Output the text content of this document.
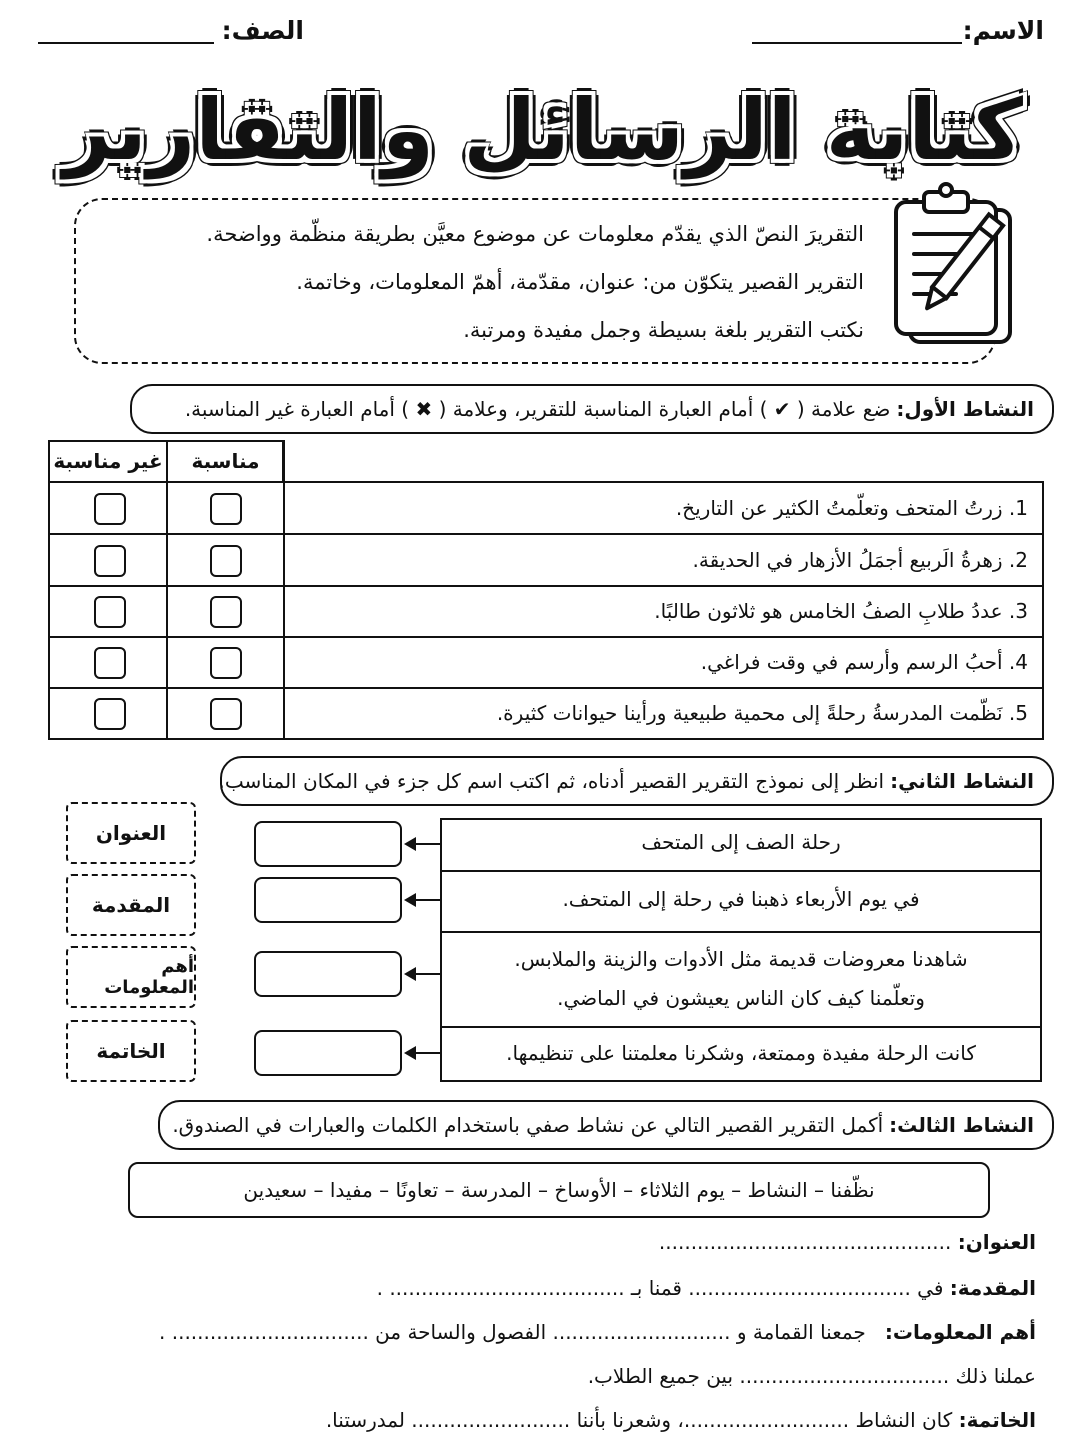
الاسم:
الصف:
كتابة الرسائل والتقارير
التقريرَ النصّ الذي يقدّم معلومات عن موضوع معيَّن بطريقة منظّمة وواضحة.
التقرير القصير يتكوّن من: عنوان، مقدّمة، أهمّ المعلومات، وخاتمة.
نكتب التقرير بلغة بسيطة وجمل مفيدة ومرتبة.
النشاط الأول:
ضع علامة ( ✔ ) أمام العبارة المناسبة للتقرير، وعلامة ( ✖ ) أمام العبارة غير المناسبة.
غير مناسبة	مناسبة
1. زرتُ المتحف وتعلّمتُ الكثير عن التاريخ.
2. زهرةُ الَربيع أجمَلُ الأزهار في الحديقة.
3. عددُ طلابِ الصفُ الخامس هو ثلاثون طالبًا.
4. أحبُ الرسم وأرسم في وقت فراغي.
5. نَظّمت المدرسةُ رحلةً إلى محمية طبيعية ورأينا حيوانات كثيرة.
النشاط الثاني:
انظر إلى نموذج التقرير القصير أدناه، ثم اكتب اسم كل جزء في المكان المناسب.
العنوان
المقدمة
أهم المعلومات
الخاتمة
رحلة الصف إلى المتحف
في يوم الأربعاء ذهبنا في رحلة إلى المتحف.
شاهدنا معروضات قديمة مثل الأدوات والزينة والملابس.
وتعلّمنا كيف كان الناس يعيشون في الماضي.
كانت الرحلة مفيدة وممتعة، وشكرنا معلمتنا على تنظيمها.
النشاط الثالث:
أكمل التقرير القصير التالي عن نشاط صفي باستخدام الكلمات والعبارات في الصندوق.
نظّفنا – النشاط – يوم الثلاثاء – الأوساخ – المدرسة – تعاونًا – مفيدا – سعيدين
العنوان: ..............................................
المقدمة: في ................................... قمنا بـ ..................................... .
أهم المعلومات:   جمعنا القمامة و ............................ الفصول والساحة من ............................... .
عملنا ذلك ................................. بين جميع الطلاب.
الخاتمة: كان النشاط ..........................، وشعرنا بأننا ......................... لمدرستنا.
